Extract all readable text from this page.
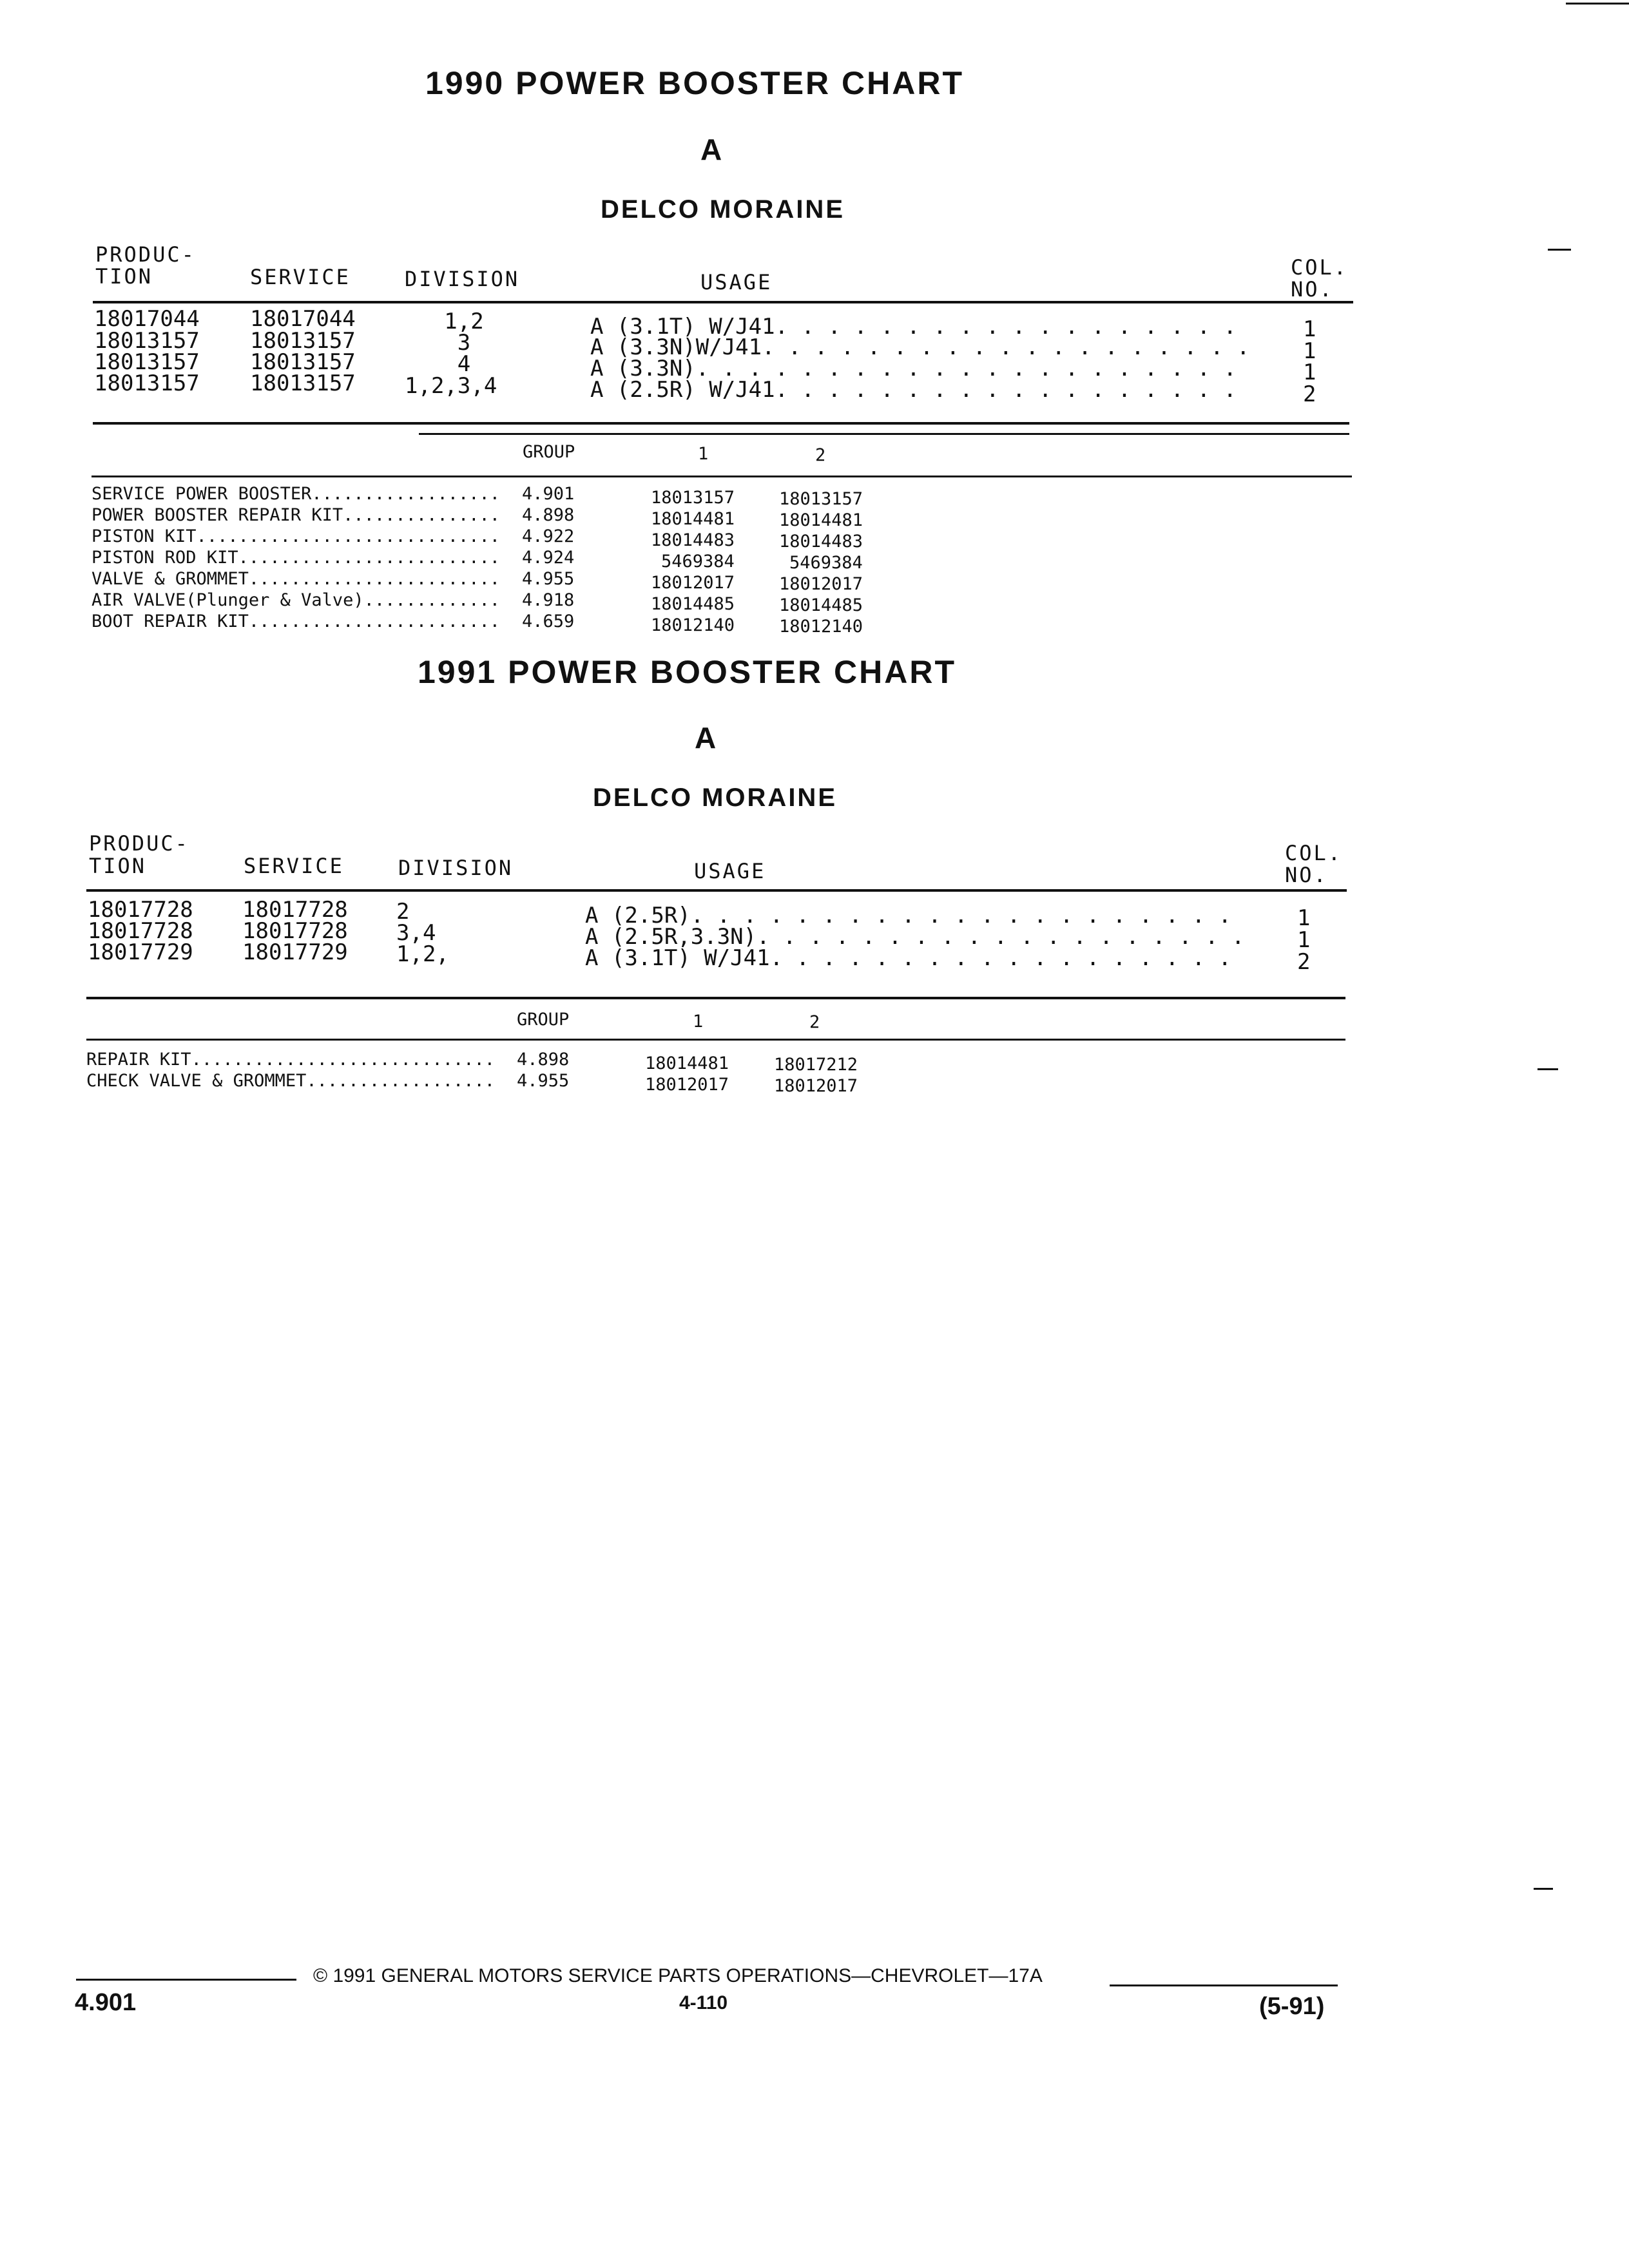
1990 POWER BOOSTER CHART
A
DELCO MORAINE
PRODUC-
TION	SERVICE	DIVISION	USAGE
COL.
NO.
18017044 18017044	1,2	A (3.1T) W/J41 . . .	1
18013157 18013157	3	A (3.3N)W/J41 . . .	1
18013157 18013157	4	A (3.3N) . . .	1
18013157 18013157 1,2,3,4	A (2.5R) W/J41 . . .	2
GROUP	1	2
SERVICE POWER BOOSTER .....	4.901	18013157	18013157
POWER BOOSTER REPAIR KIT .....	4.898	18014481	18014481
PISTON KIT .....	4.922	18014483	18014483
PISTON ROD KIT .....	4.924	5469384	5469384
VALVE & GROMMET .....	4.955	18012017	18012017
AIR VALVE(Plunger & Valve) .....	4.918	18014485	18014485
BOOT REPAIR KIT .....	4.659	18012140	18012140
1991 POWER BOOSTER CHART
A
DELCO MORAINE
PRODUC-
TION	SERVICE	DIVISION	USAGE
COL.
NO.
18017728 18017728 2	A (2.5R) . . .	1
18017728 18017728 3,4	A (2.5R,3.3N) . . .	1
18017729 18017729 1,2,	A (3.1T) W/J41 . . .	2
GROUP	1	2
REPAIR KIT .....	4.898	18014481	18017212
CHECK VALVE & GROMMET .....	4.955	18012017	18012017
© 1991 GENERAL MOTORS SERVICE PARTS OPERATIONS—CHEVROLET—17A
4.901	4-110	(5-91)
